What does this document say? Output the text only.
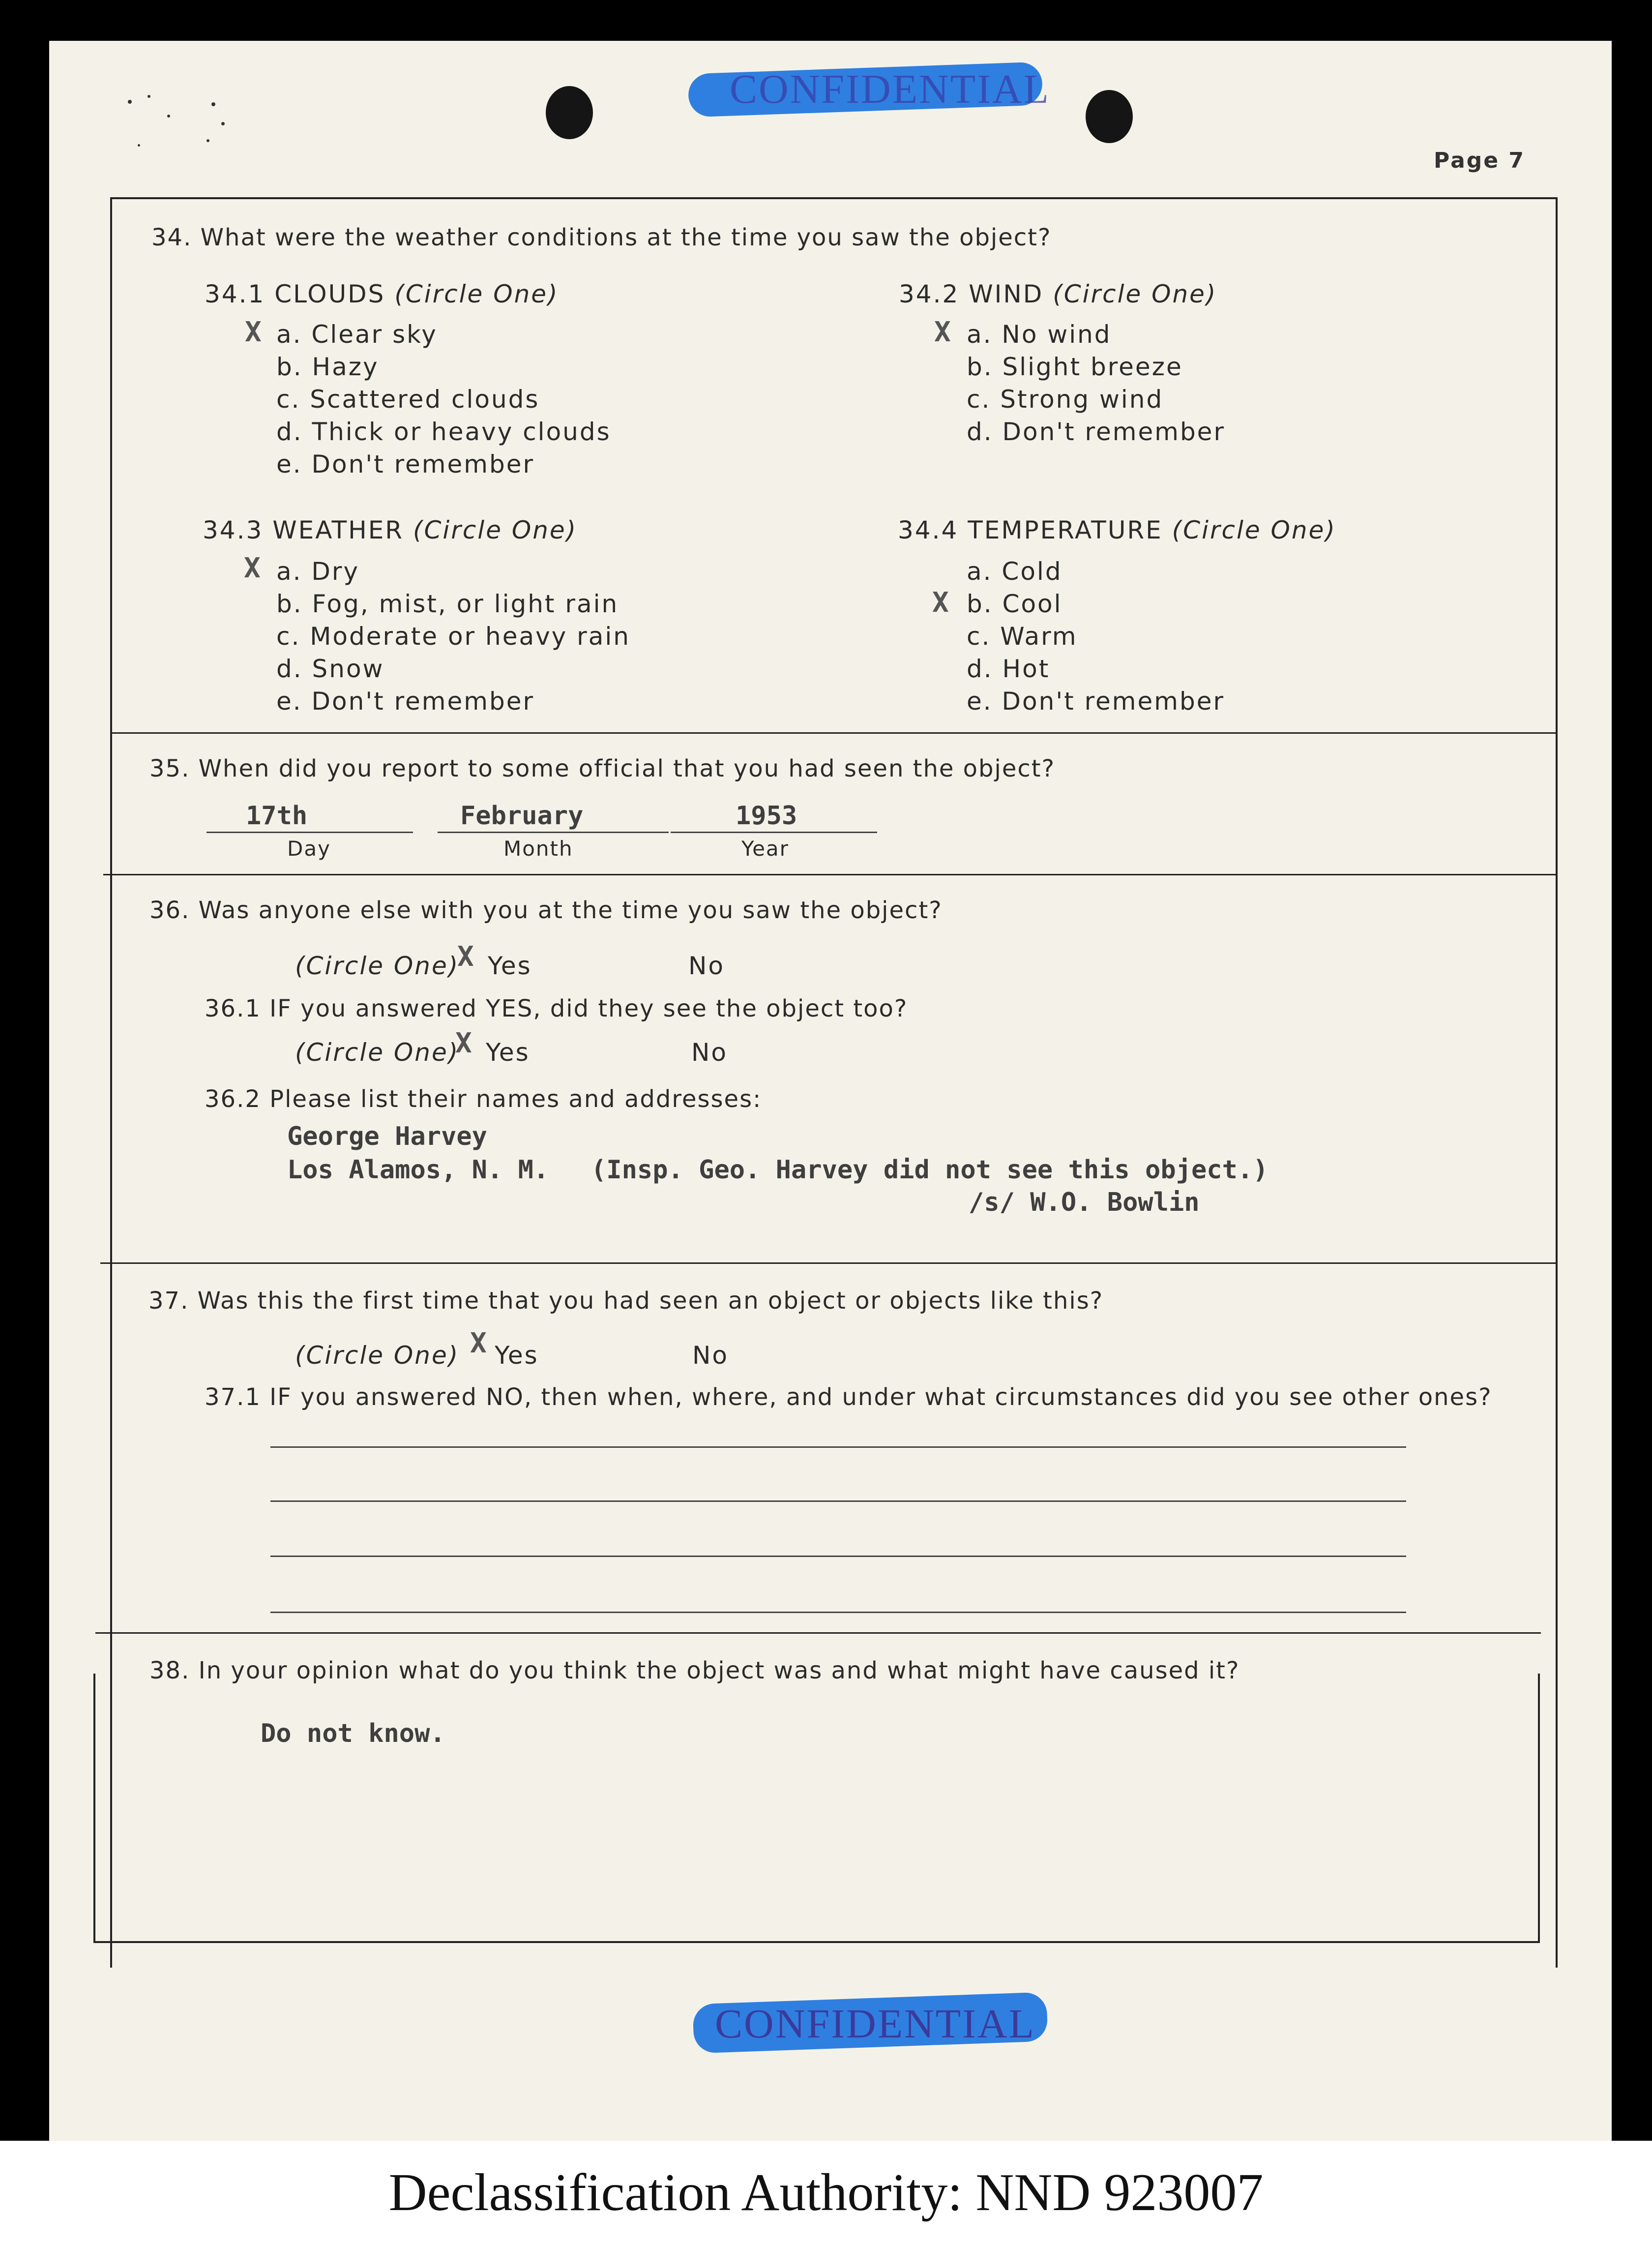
CONFIDENTIAL
Page 7
34. What were the weather conditions at the time you saw the object?
34.1 CLOUDS (Circle One)
X a. Clear sky
b. Hazy
c. Scattered clouds
d. Thick or heavy clouds
e. Don't remember
34.2 WIND (Circle One)
X a. No wind
b. Slight breeze
c. Strong wind
d. Don't remember
34.3 WEATHER (Circle One)
X a. Dry
b. Fog, mist, or light rain
c. Moderate or heavy rain
d. Snow
e. Don't remember
34.4 TEMPERATURE (Circle One)
X
a. Cold
b. Cool
c. Warm
d. Hot
e. Don't remember
35. When did you report to some official that you had seen the object?
17th
Day
February
Month
1953
Year
36. Was anyone else with you at the time you saw the object?
(Circle One)
X Yes	No
36.1 IF you answered YES, did they see the object too?
(Circle One)
X Yes	No
36.2 Please list their names and addresses:
George Harvey
Los Alamos, N. M. (Insp. Geo. Harvey did not see this object.)
/s/ W.O. Bowlin
37. Was this the first time that you had seen an object or objects like this?
(Circle One) X Yes	No
37.1 IF you answered NO, then when, where, and under what circumstances did you see other ones?
38. In your opinion what do you think the object was and what might have caused it?
Do not know.
CONFIDENTIAL
Declassification Authority: NND 923007
